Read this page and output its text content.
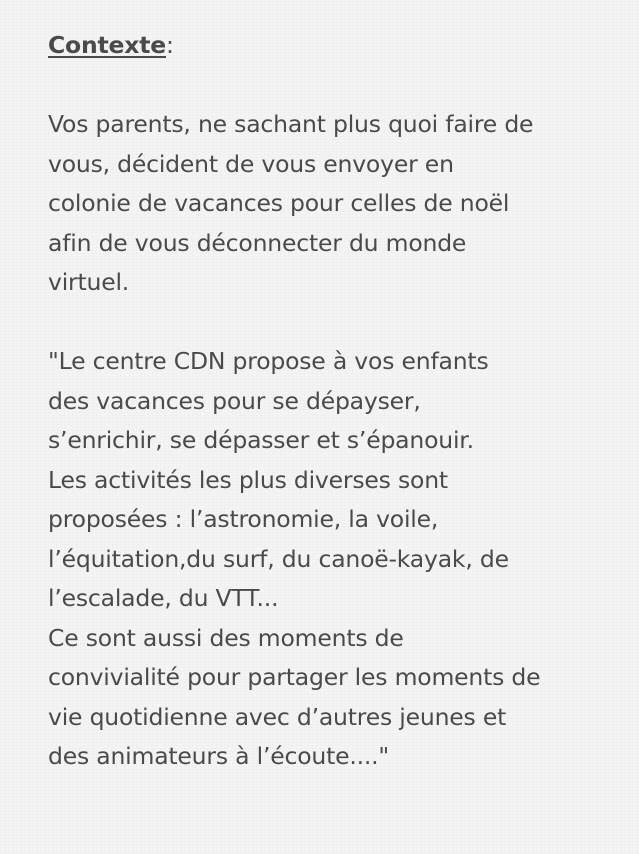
Contexte:

Vos parents, ne sachant plus quoi faire de
vous, décident de vous envoyer en
colonie de vacances pour celles de noël
afin de vous déconnecter du monde
virtuel.

"Le centre CDN propose à vos enfants
des vacances pour se dépayser,
s’enrichir, se dépasser et s’épanouir.
Les activités les plus diverses sont
proposées : l’astronomie, la voile,
l’équitation,du surf, du canoë-kayak, de
l’escalade, du VTT...
Ce sont aussi des moments de
convivialité pour partager les moments de
vie quotidienne avec d’autres jeunes et
des animateurs à l’écoute...."
